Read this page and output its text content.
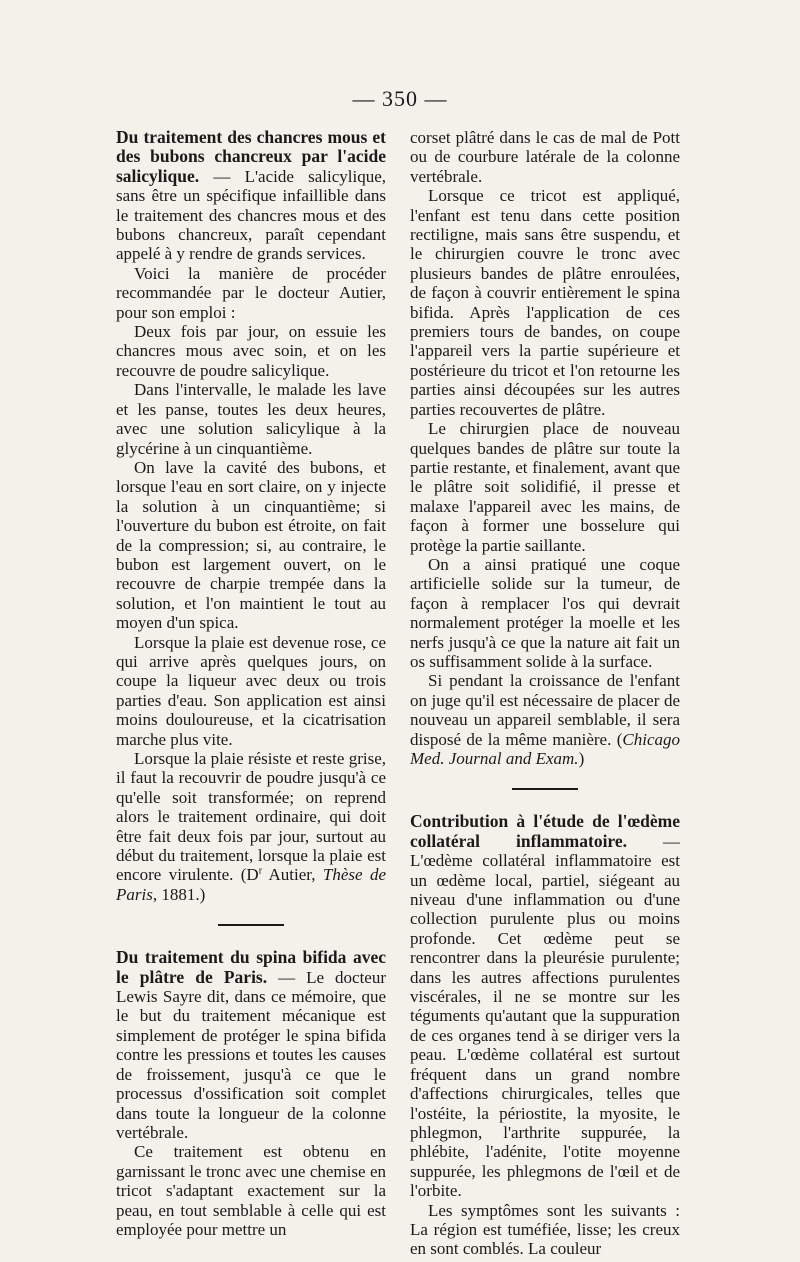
— 350 —

Du traitement des chancres mous et des bubons chancreux par l'acide salicylique. — L'acide salicylique, sans être un spécifique infaillible dans le traitement des chancres mous et des bubons chancreux, paraît cependant appelé à y rendre de grands services.

Voici la manière de procéder recommandée par le docteur Autier, pour son emploi :

Deux fois par jour, on essuie les chancres mous avec soin, et on les recouvre de poudre salicylique.

Dans l'intervalle, le malade les lave et les panse, toutes les deux heures, avec une solution salicylique à la glycérine à un cinquantième.

On lave la cavité des bubons, et lorsque l'eau en sort claire, on y injecte la solution à un cinquantième; si l'ouverture du bubon est étroite, on fait de la compression; si, au contraire, le bubon est largement ouvert, on le recouvre de charpie trempée dans la solution, et l'on maintient le tout au moyen d'un spica.

Lorsque la plaie est devenue rose, ce qui arrive après quelques jours, on coupe la liqueur avec deux ou trois parties d'eau. Son application est ainsi moins douloureuse, et la cicatrisation marche plus vite.

Lorsque la plaie résiste et reste grise, il faut la recouvrir de poudre jusqu'à ce qu'elle soit transformée; on reprend alors le traitement ordinaire, qui doit être fait deux fois par jour, surtout au début du traitement, lorsque la plaie est encore virulente. ($D^r$ Autier, Thèse de Paris, 1881.)

Du traitement du spina bifida avec le plâtre de Paris. — Le docteur Lewis Sayre dit, dans ce mémoire, que le but du traitement mécanique est simplement de protéger le spina bifida contre les pressions et toutes les causes de froissement, jusqu'à ce que le processus d'ossification soit complet dans toute la longueur de la colonne vertébrale.

Ce traitement est obtenu en garnissant le tronc avec une chemise en tricot s'adaptant exactement sur la peau, en tout semblable à celle qui est employée pour mettre un

corset plâtré dans le cas de mal de Pott ou de courbure latérale de la colonne vertébrale.

Lorsque ce tricot est appliqué, l'enfant est tenu dans cette position rectiligne, mais sans être suspendu, et le chirurgien couvre le tronc avec plusieurs bandes de plâtre enroulées, de façon à couvrir entièrement le spina bifida. Après l'application de ces premiers tours de bandes, on coupe l'appareil vers la partie supérieure et postérieure du tricot et l'on retourne les parties ainsi découpées sur les autres parties recouvertes de plâtre.

Le chirurgien place de nouveau quelques bandes de plâtre sur toute la partie restante, et finalement, avant que le plâtre soit solidifié, il presse et malaxe l'appareil avec les mains, de façon à former une bosselure qui protège la partie saillante.

On a ainsi pratiqué une coque artificielle solide sur la tumeur, de façon à remplacer l'os qui devrait normalement protéger la moelle et les nerfs jusqu'à ce que la nature ait fait un os suffisamment solide à la surface.

Si pendant la croissance de l'enfant on juge qu'il est nécessaire de placer de nouveau un appareil semblable, il sera disposé de la même manière. (Chicago Med. Journal and Exam.)

Contribution à l'étude de l'œdème collatéral inflammatoire. — L'œdème collatéral inflammatoire est un œdème local, partiel, siégeant au niveau d'une inflammation ou d'une collection purulente plus ou moins profonde. Cet œdème peut se rencontrer dans la pleurésie purulente; dans les autres affections purulentes viscérales, il ne se montre sur les téguments qu'autant que la suppuration de ces organes tend à se diriger vers la peau. L'œdème collatéral est surtout fréquent dans un grand nombre d'affections chirurgicales, telles que l'ostéite, la périostite, la myosite, le phlegmon, l'arthrite suppurée, la phlébite, l'adénite, l'otite moyenne suppurée, les phlegmons de l'œil et de l'orbite.

Les symptômes sont les suivants : La région est tuméfiée, lisse; les creux en sont comblés. La couleur
